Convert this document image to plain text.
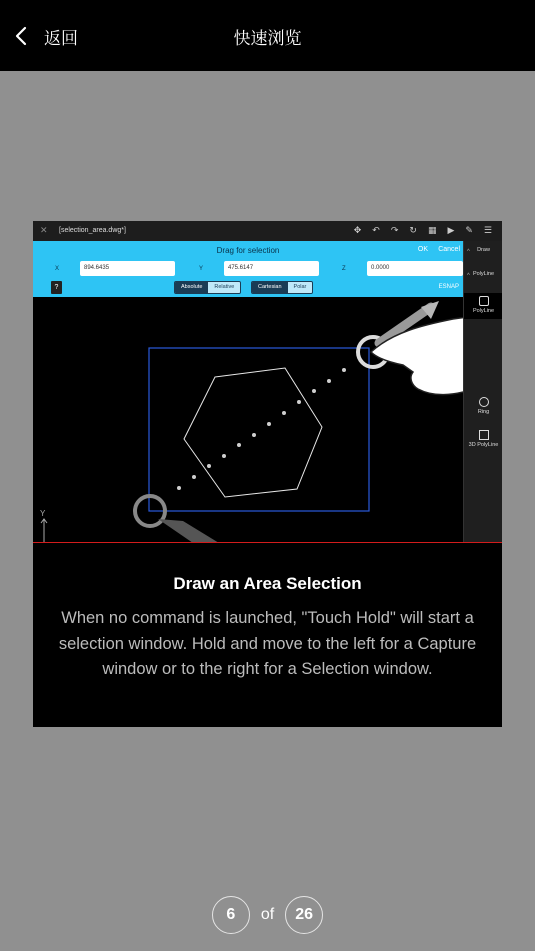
返回	快速浏览
✕ [selection_area.dwg*]	✥ ↶ ↷ ↻ ▦ ▶ ✎ ☰
Drag for selection	OK Cancel
X	894.6435	Y	475.6147	Z	0.0000
?	Absolute	Relative	Cartesian	Polar	ESNAP
^ Draw
^ PolyLine
PolyLine
Ring
3D PolyLine
Y
Draw an Area Selection
When no command is launched, "Touch Hold" will start a selection window. Hold and move to the left for a Capture window or to the right for a Selection window.
6	of	26
